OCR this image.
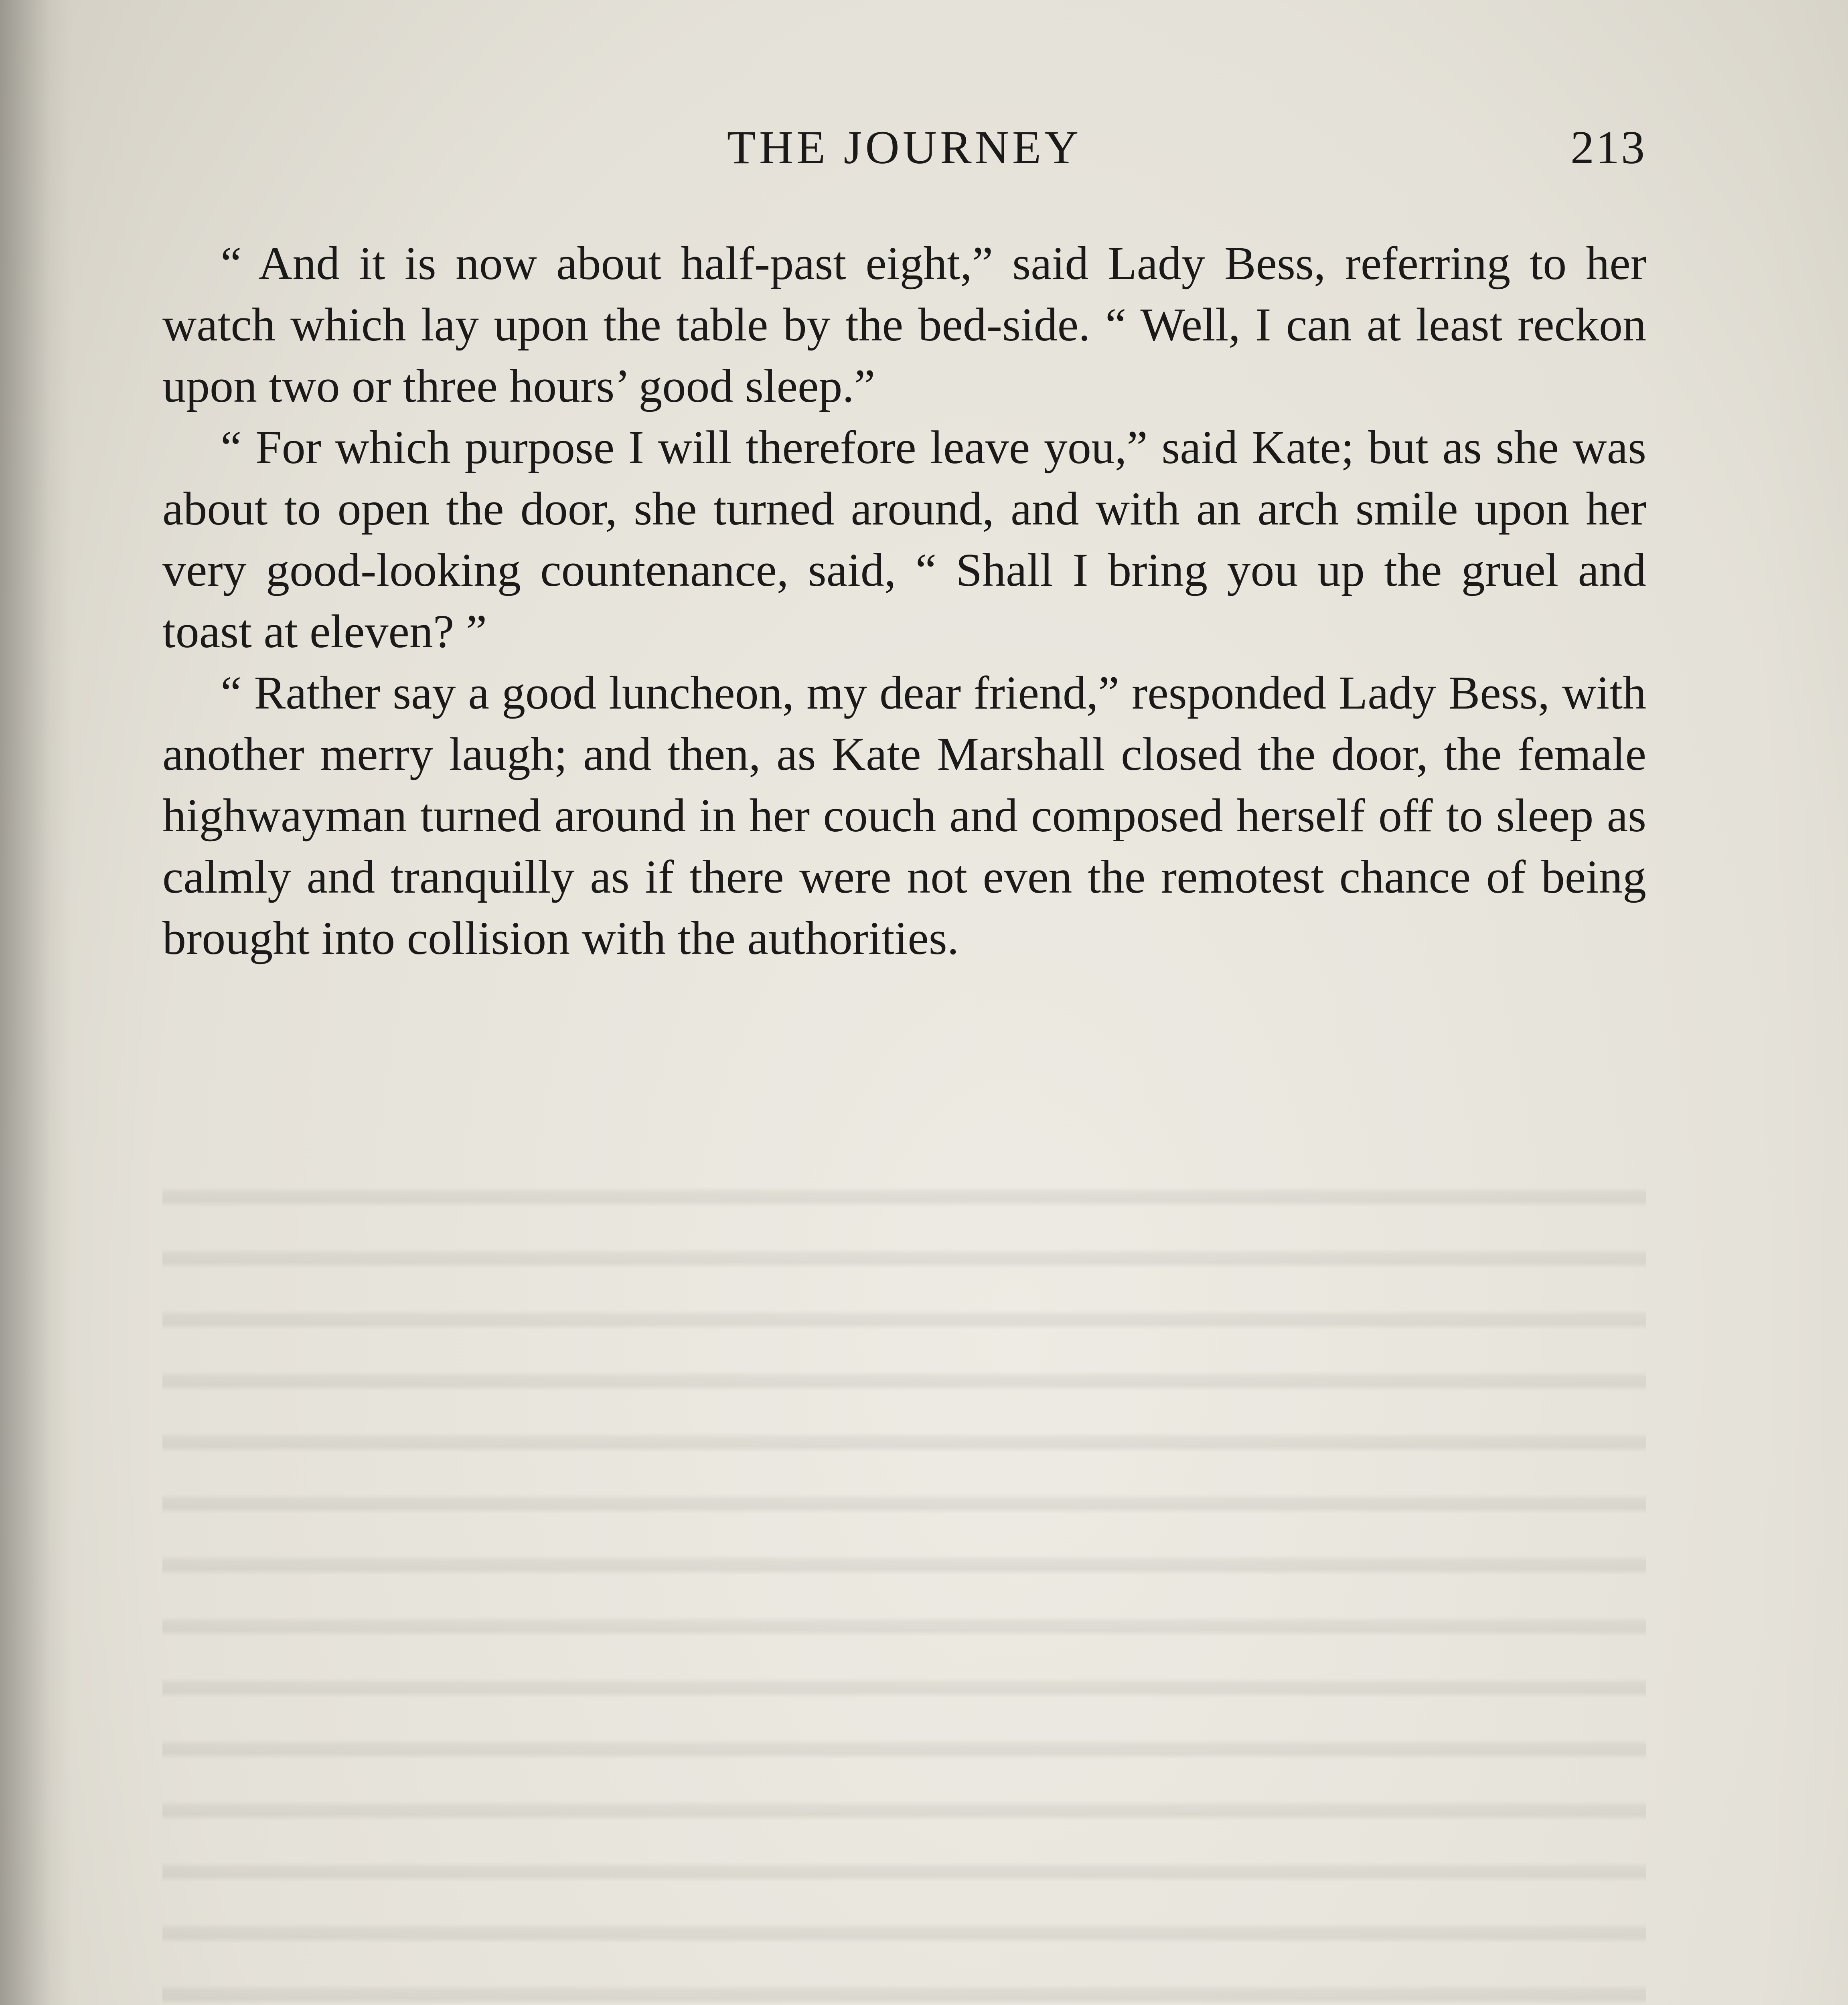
THE JOURNEY	213

“ And it is now about half-past eight,” said Lady Bess, referring to her watch which lay upon the table by the bed-side. “ Well, I can at least reckon upon two or three hours’ good sleep.”

“ For which purpose I will therefore leave you,” said Kate; but as she was about to open the door, she turned around, and with an arch smile upon her very good-looking countenance, said, “ Shall I bring you up the gruel and toast at eleven? ”

“ Rather say a good luncheon, my dear friend,” responded Lady Bess, with another merry laugh; and then, as Kate Marshall closed the door, the female highwayman turned around in her couch and composed herself off to sleep as calmly and tranquilly as if there were not even the remotest chance of being brought into collision with the authorities.
